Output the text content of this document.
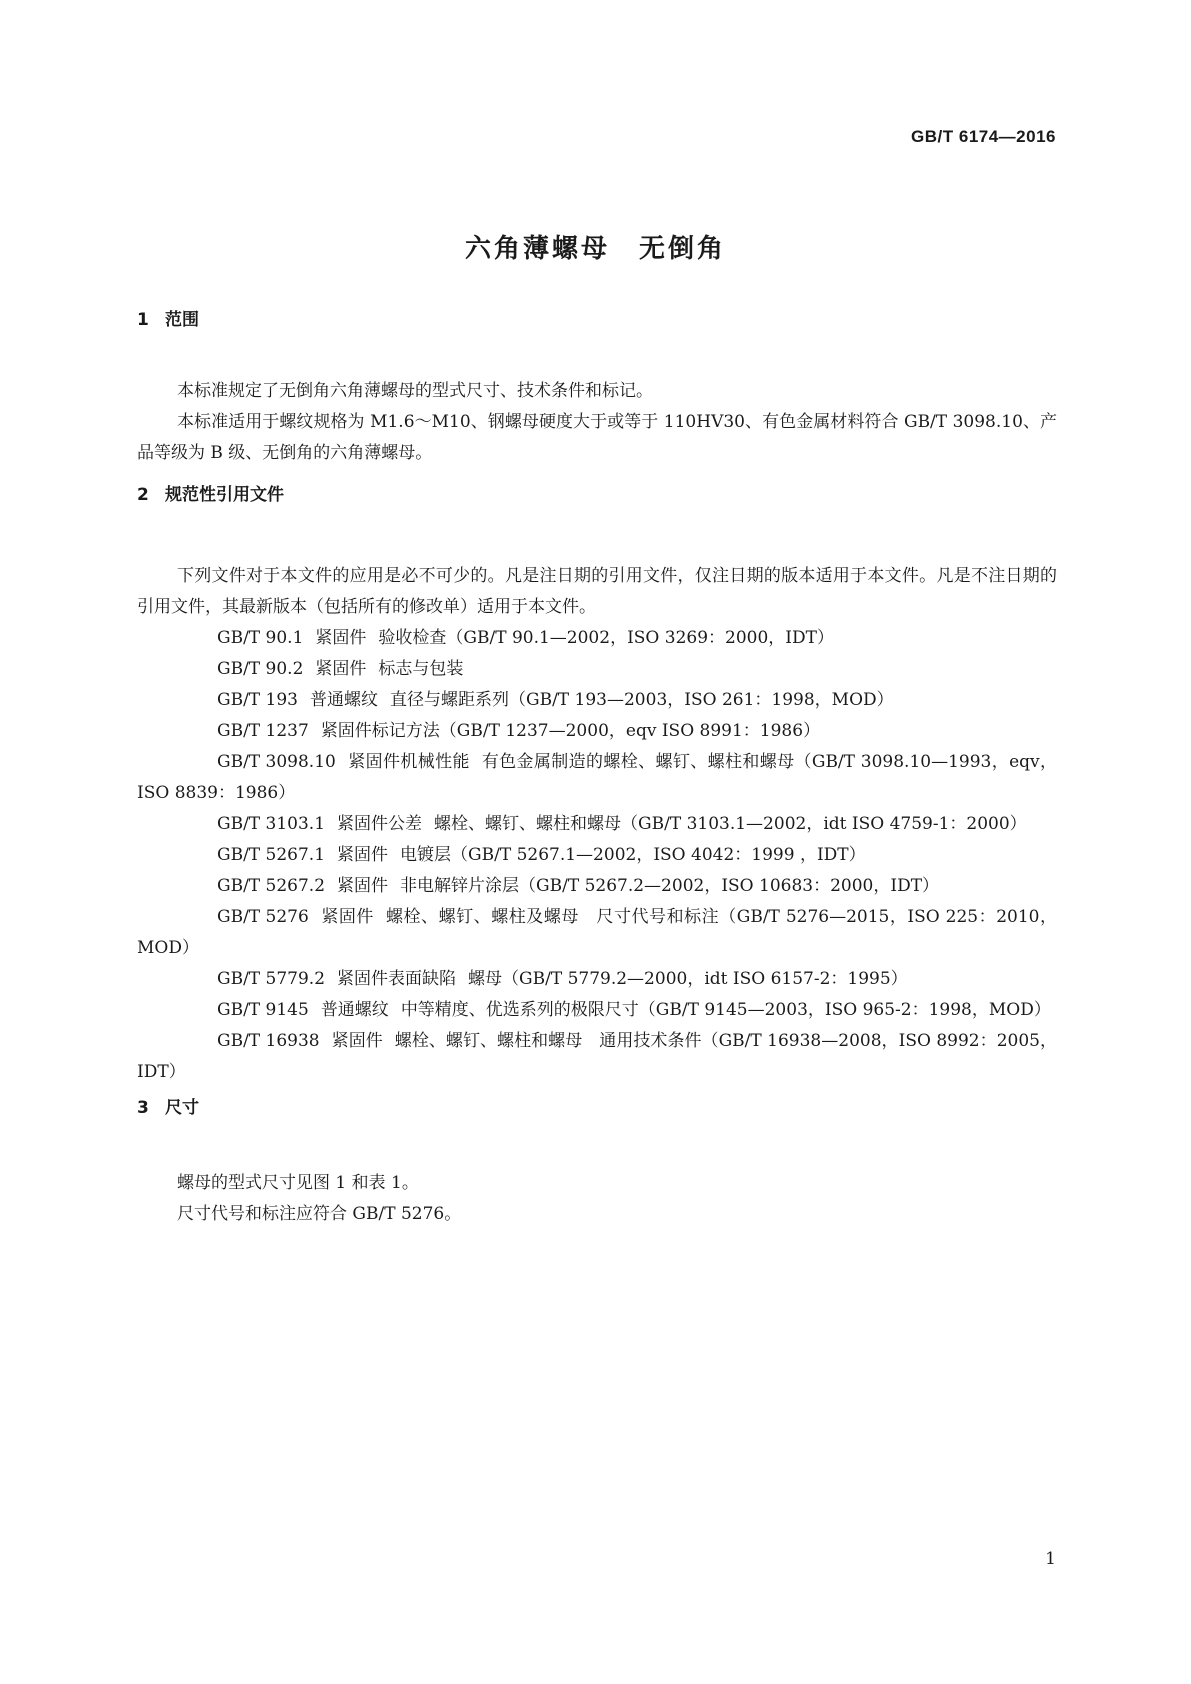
GB/T 6174—2016
六角薄螺母　无倒角
1 范围

本标准规定了无倒角六角薄螺母的型式尺寸、技术条件和标记。

本标准适用于螺纹规格为 M1.6～M10、钢螺母硬度大于或等于 110HV30、有色金属材料符合 GB/T 3098.10、产品等级为 B 级、无倒角的六角薄螺母。

2 规范性引用文件

下列文件对于本文件的应用是必不可少的。凡是注日期的引用文件，仅注日期的版本适用于本文件。凡是不注日期的引用文件，其最新版本（包括所有的修改单）适用于本文件。

GB/T 90.1 紧固件 验收检查（GB/T 90.1—2002，ISO 3269：2000，IDT）

GB/T 90.2 紧固件 标志与包装

GB/T 193 普通螺纹 直径与螺距系列（GB/T 193—2003，ISO 261：1998，MOD）

GB/T 1237 紧固件标记方法（GB/T 1237—2000，eqv ISO 8991：1986）

GB/T 3098.10 紧固件机械性能 有色金属制造的螺栓、螺钉、螺柱和螺母（GB/T 3098.10—1993，eqv，ISO 8839：1986）

GB/T 3103.1 紧固件公差 螺栓、螺钉、螺柱和螺母（GB/T 3103.1—2002，idt ISO 4759-1：2000）

GB/T 5267.1 紧固件 电镀层（GB/T 5267.1—2002，ISO 4042：1999 ，IDT）

GB/T 5267.2 紧固件 非电解锌片涂层（GB/T 5267.2—2002，ISO 10683：2000，IDT）

GB/T 5276 紧固件 螺栓、螺钉、螺柱及螺母　尺寸代号和标注（GB/T 5276—2015，ISO 225：2010，MOD）

GB/T 5779.2 紧固件表面缺陷 螺母（GB/T 5779.2—2000，idt ISO 6157-2：1995）

GB/T 9145 普通螺纹 中等精度、优选系列的极限尺寸（GB/T 9145—2003，ISO 965-2：1998，MOD）

GB/T 16938 紧固件 螺栓、螺钉、螺柱和螺母　通用技术条件（GB/T 16938—2008，ISO 8992：2005，IDT）

3 尺寸

螺母的型式尺寸见图 1 和表 1。

尺寸代号和标注应符合 GB/T 5276。

1
